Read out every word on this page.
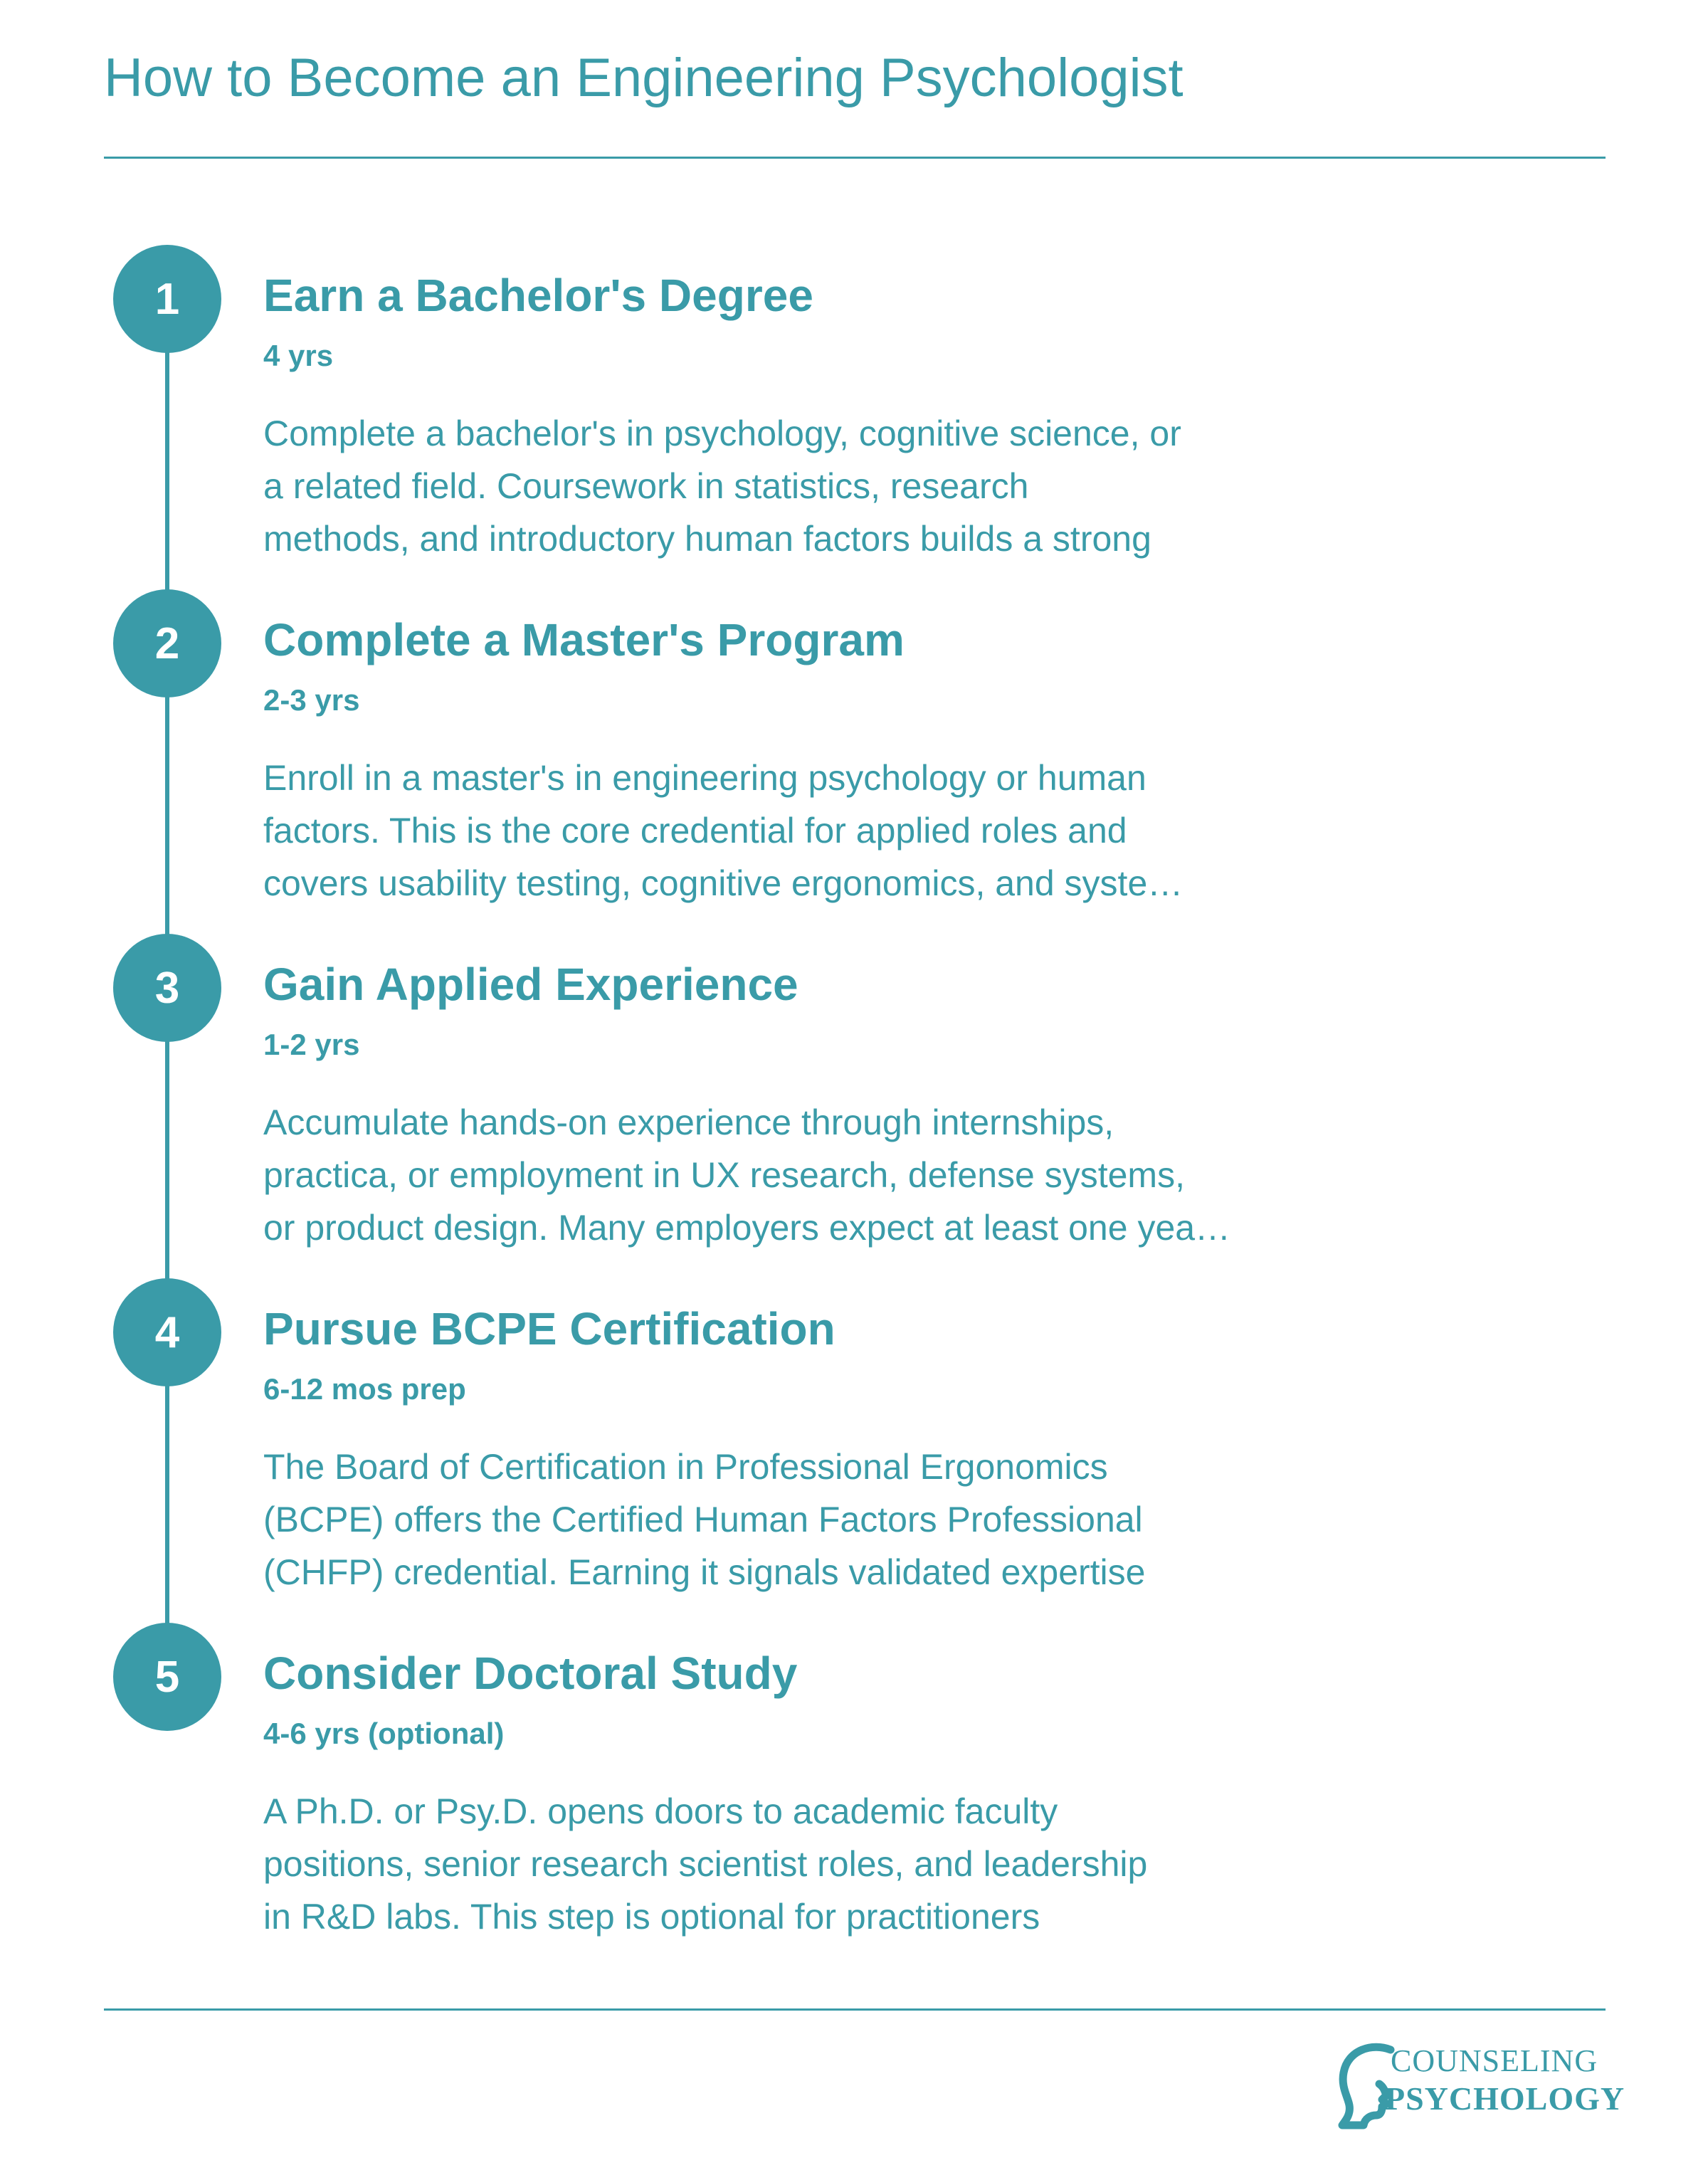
How to Become an Engineering Psychologist
1	Earn a Bachelor's Degree
4 yrs
Complete a bachelor's in psychology, cognitive science, or
a related field. Coursework in statistics, research
methods, and introductory human factors builds a strong
2	Complete a Master's Program
2-3 yrs
Enroll in a master's in engineering psychology or human
factors. This is the core credential for applied roles and
covers usability testing, cognitive ergonomics, and syste…
3	Gain Applied Experience
1-2 yrs
Accumulate hands-on experience through internships,
practica, or employment in UX research, defense systems,
or product design. Many employers expect at least one yea…
4	Pursue BCPE Certification
6-12 mos prep
The Board of Certification in Professional Ergonomics
(BCPE) offers the Certified Human Factors Professional
(CHFP) credential. Earning it signals validated expertise
5	Consider Doctoral Study
4-6 yrs (optional)
A Ph.D. or Psy.D. opens doors to academic faculty
positions, senior research scientist roles, and leadership
in R&D labs. This step is optional for practitioners
COUNSELING
PSYCHOLOGY
